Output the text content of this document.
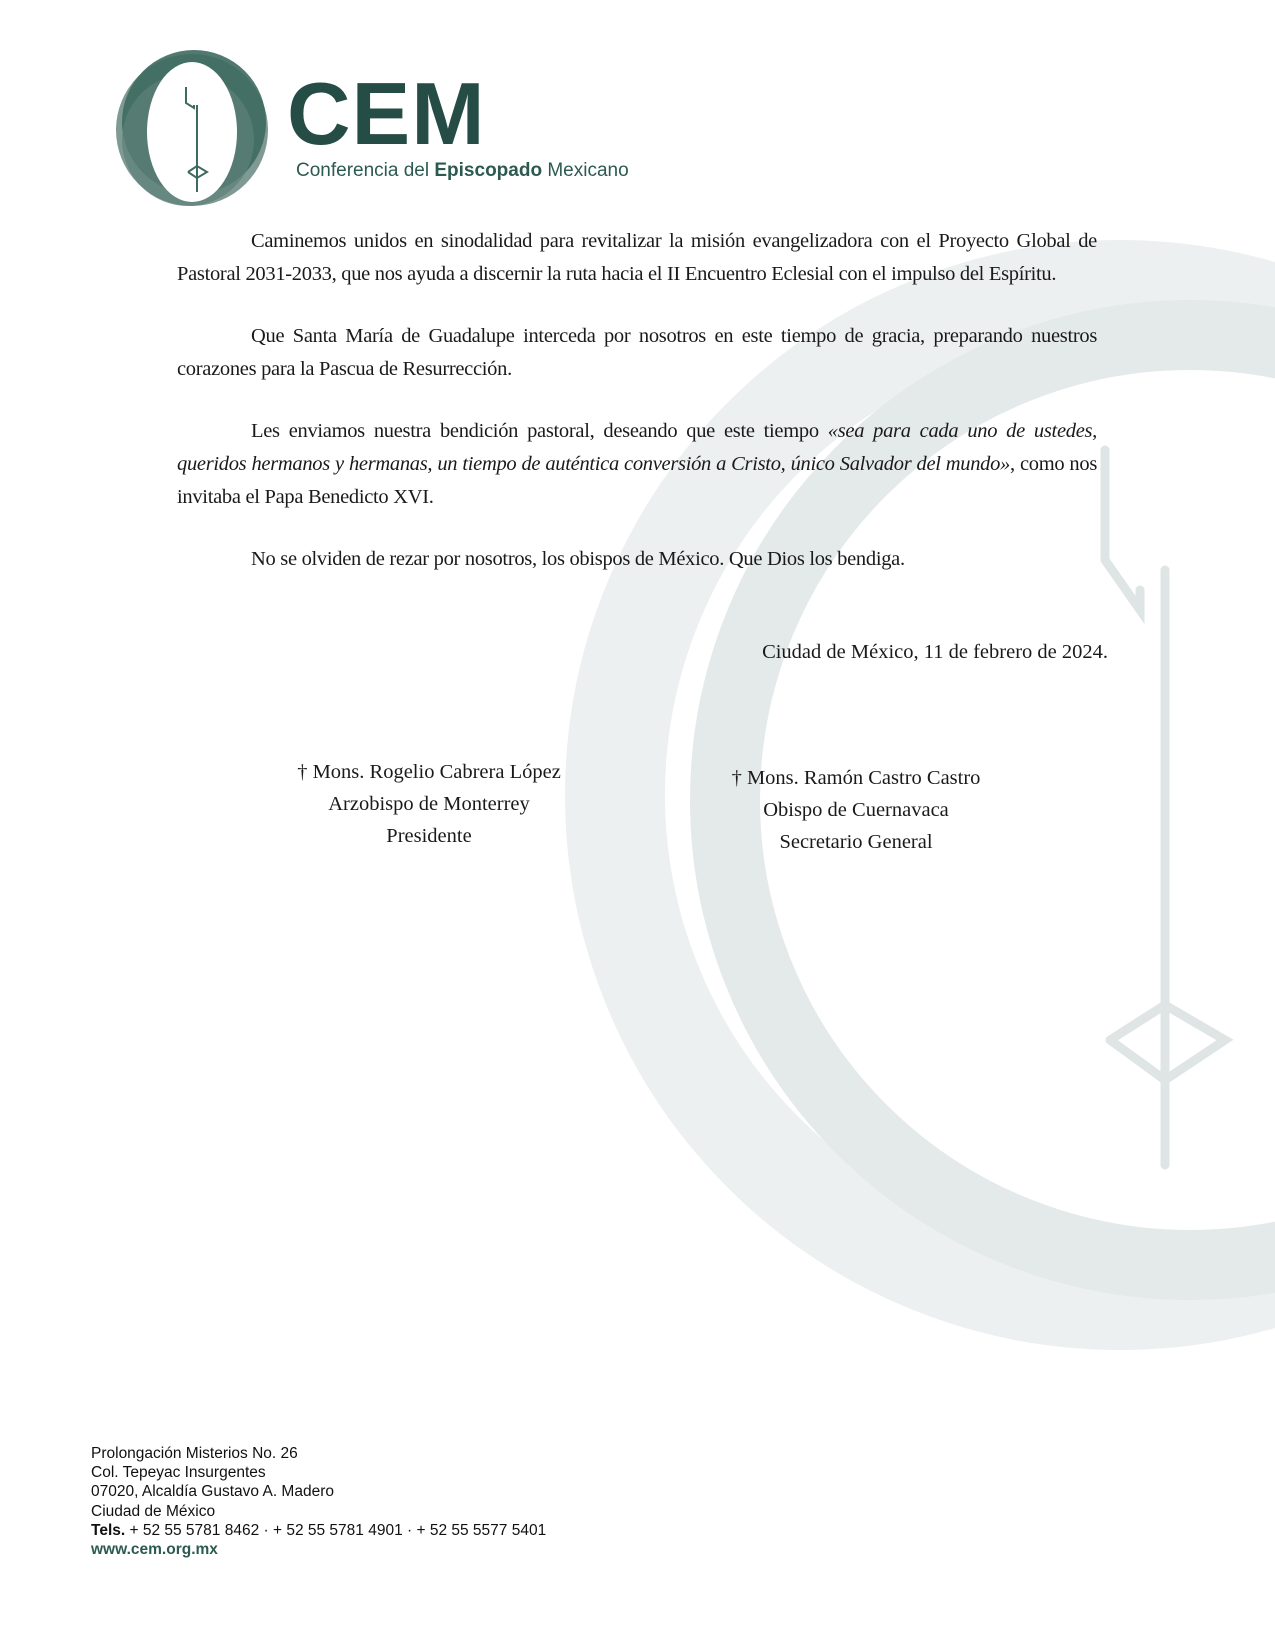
CEM
Conferencia del Episcopado Mexicano
Caminemos unidos en sinodalidad para revitalizar la misión evangelizadora con el Proyecto Global de Pastoral 2031-2033, que nos ayuda a discernir la ruta hacia el II Encuentro Eclesial con el impulso del Espíritu.
Que Santa María de Guadalupe interceda por nosotros en este tiempo de gracia, preparando nuestros corazones para la Pascua de Resurrección.
Les enviamos nuestra bendición pastoral, deseando que este tiempo «sea para cada uno de ustedes, queridos hermanos y hermanas, un tiempo de auténtica conversión a Cristo, único Salvador del mundo», como nos invitaba el Papa Benedicto XVI.
No se olviden de rezar por nosotros, los obispos de México. Que Dios los bendiga.
Ciudad de México, 11 de febrero de 2024.
† Mons. Rogelio Cabrera López
Arzobispo de Monterrey
Presidente
† Mons. Ramón Castro Castro
Obispo de Cuernavaca
Secretario General
Prolongación Misterios No. 26
Col. Tepeyac Insurgentes
07020, Alcaldía Gustavo A. Madero
Ciudad de México
Tels. + 52 55 5781 8462 · + 52 55 5781 4901 · + 52 55 5577 5401
www.cem.org.mx
